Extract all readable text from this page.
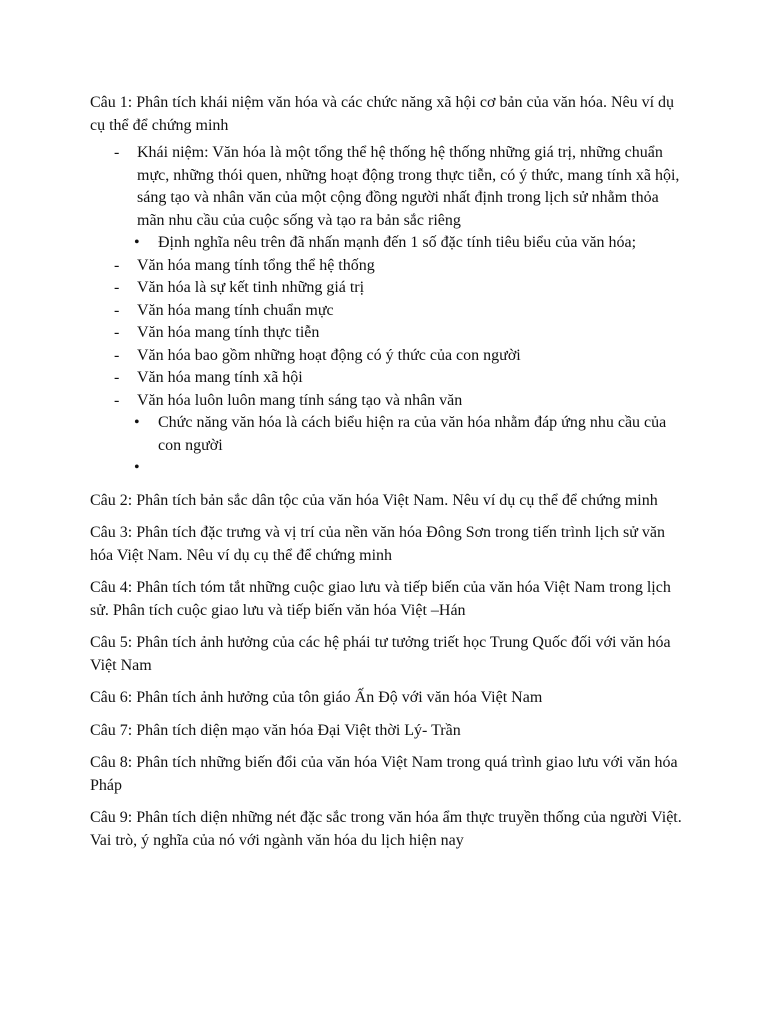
Câu 1: Phân tích khái niệm văn hóa và các chức năng xã hội cơ bản của văn hóa. Nêu ví dụ cụ thể để chứng minh

- Khái niệm: Văn hóa là một tổng thể hệ thống hệ thống những giá trị, những chuẩn mực, những thói quen, những hoạt động trong thực tiễn, có ý thức, mang tính xã hội, sáng tạo và nhân văn của một cộng đồng người nhất định trong lịch sử nhằm thỏa mãn nhu cầu của cuộc sống và tạo ra bản sắc riêng
• Định nghĩa nêu trên đã nhấn mạnh đến 1 số đặc tính tiêu biểu của văn hóa;
- Văn hóa mang tính tổng thể hệ thống
- Văn hóa là sự kết tinh những giá trị
- Văn hóa mang tính chuẩn mực
- Văn hóa mang tính thực tiễn
- Văn hóa bao gồm những hoạt động có ý thức của con người
- Văn hóa mang tính xã hội
- Văn hóa luôn luôn mang tính sáng tạo và nhân văn
• Chức năng văn hóa là cách biểu hiện ra của văn hóa nhằm đáp ứng nhu cầu của con người
•

Câu 2: Phân tích bản sắc dân tộc của văn hóa Việt Nam. Nêu ví dụ cụ thể để chứng minh

Câu 3: Phân tích đặc trưng và vị trí của nền văn hóa Đông Sơn trong tiến trình lịch sử văn hóa Việt Nam. Nêu ví dụ cụ thể để chứng minh

Câu 4: Phân tích tóm tắt những cuộc giao lưu và tiếp biến của văn hóa Việt Nam trong lịch sử. Phân tích cuộc giao lưu và tiếp biến văn hóa Việt –Hán

Câu 5: Phân tích ảnh hưởng của các hệ phái tư tưởng triết học Trung Quốc đối với văn hóa Việt Nam

Câu 6: Phân tích ảnh hưởng của tôn giáo Ấn Độ với văn hóa Việt Nam

Câu 7: Phân tích diện mạo văn hóa Đại Việt thời Lý- Trần

Câu 8: Phân tích những biến đổi của văn hóa Việt Nam trong quá trình giao lưu với văn hóa Pháp

Câu 9: Phân tích diện những nét đặc sắc trong văn hóa ẩm thực truyền thống của người Việt. Vai trò, ý nghĩa của nó với ngành văn hóa du lịch hiện nay
